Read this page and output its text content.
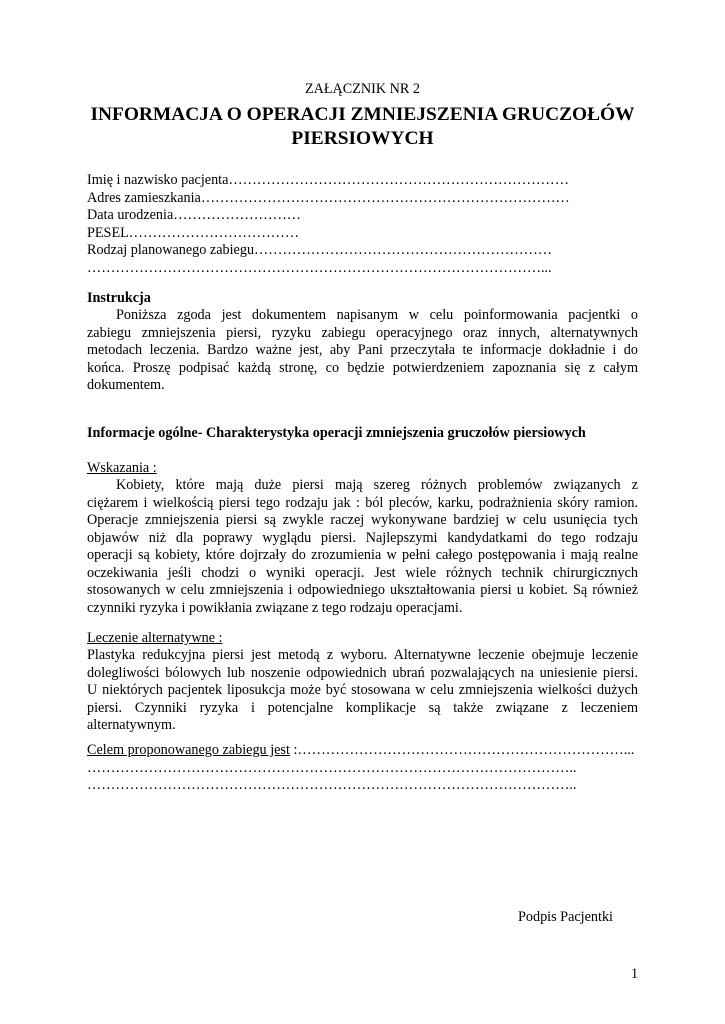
ZAŁĄCZNIK NR 2
INFORMACJA O OPERACJI ZMNIEJSZENIA GRUCZOŁÓW
PIERSIOWYCH
Imię i nazwisko pacjenta………………………………………………………………
Adres zamieszkania……………………………………………………………………
Data urodzenia………………………
PESEL………………………………
Rodzaj planowanego zabiegu………………………………………………………
……………………………………………………………………………………...
Instrukcja
Poniższa zgoda jest dokumentem napisanym w celu poinformowania pacjentki o
zabiegu zmniejszenia piersi, ryzyku zabiegu operacyjnego oraz innych, alternatywnych
metodach leczenia. Bardzo ważne jest, aby Pani przeczytała te informacje dokładnie i do
końca. Proszę podpisać każdą stronę, co będzie potwierdzeniem zapoznania się z całym
dokumentem.
Informacje ogólne- Charakterystyka operacji zmniejszenia gruczołów piersiowych
Wskazania :
Kobiety, które mają duże piersi mają szereg różnych problemów związanych z
ciężarem i wielkością piersi tego rodzaju jak : ból pleców, karku, podrażnienia skóry ramion.
Operacje zmniejszenia piersi są zwykle raczej wykonywane bardziej w celu usunięcia tych
objawów niż dla poprawy wyglądu piersi. Najlepszymi kandydatkami do tego rodzaju
operacji są kobiety, które dojrzały do zrozumienia w pełni całego postępowania i mają realne
oczekiwania jeśli chodzi o wyniki operacji. Jest wiele różnych technik chirurgicznych
stosowanych w celu zmniejszenia i odpowiedniego ukształtowania piersi u kobiet. Są również
czynniki ryzyka i powikłania związane z tego rodzaju operacjami.
Leczenie alternatywne :
Plastyka redukcyjna piersi jest metodą z wyboru. Alternatywne leczenie obejmuje leczenie
dolegliwości bólowych lub noszenie odpowiednich ubrań pozwalających na uniesienie piersi.
U niektórych pacjentek liposukcja może być stosowana w celu zmniejszenia wielkości dużych
piersi. Czynniki ryzyka i potencjalne komplikacje są także związane z leczeniem
alternatywnym.
Celem proponowanego zabiegu jest :……………………………………………………………...
…………………………………………………………………………………………..
…………………………………………………………………………………………..
Podpis Pacjentki
1
